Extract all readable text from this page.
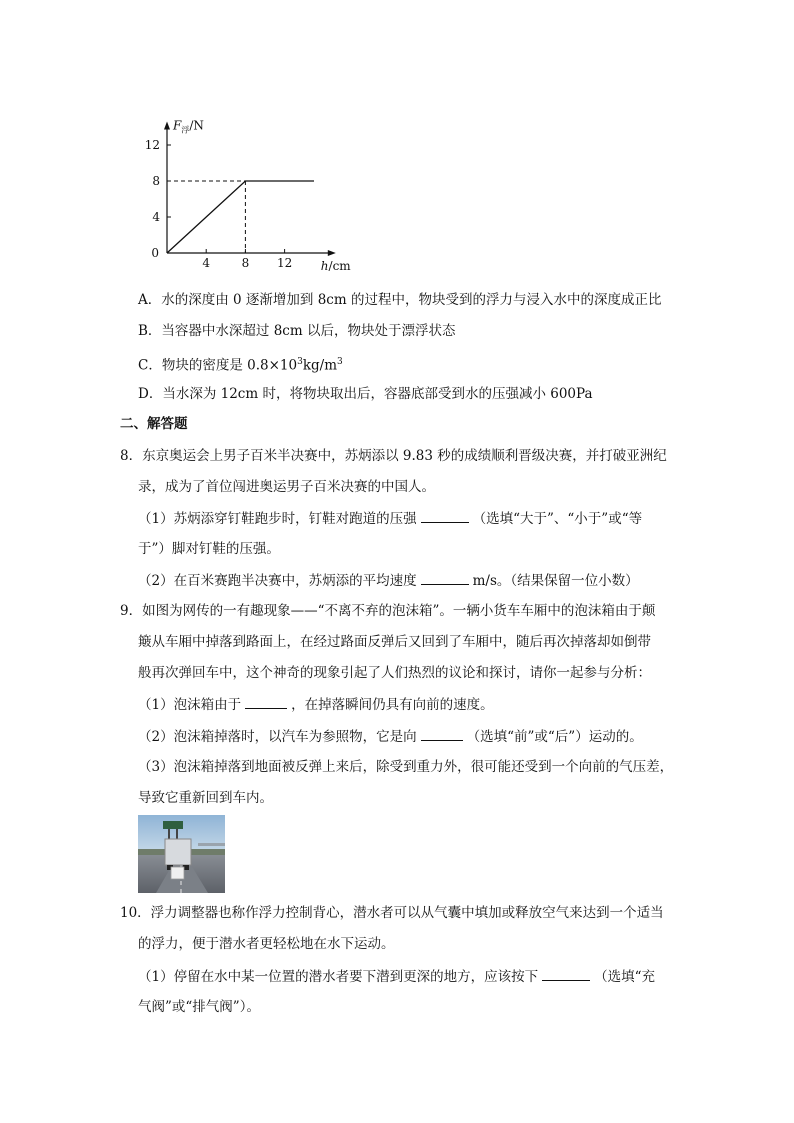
4	8 12
4
8
12
0
$F_浮/N$
h/cm
A．水的深度由 0 逐渐增加到 8cm 的过程中，物块受到的浮力与浸入水中的深度成正比
B．当容器中水深超过 8cm 以后，物块处于漂浮状态
C．物块的密度是 $0.8\times 10^3kg/m^3$
D．当水深为 12cm 时，将物块取出后，容器底部受到水的压强减小 600Pa
二、解答题
8．东京奥运会上男子百米半决赛中，苏炳添以 9.83 秒的成绩顺利晋级决赛，并打破亚洲纪
录，成为了首位闯进奥运男子百米决赛的中国人。
（1）苏炳添穿钉鞋跑步时，钉鞋对跑道的压强	（选填“大于”、“小于”或“等
于”）脚对钉鞋的压强。
（2）在百米赛跑半决赛中，苏炳添的平均速度	m/s。（结果保留一位小数）
9．如图为网传的一有趣现象——“不离不弃的泡沫箱”。一辆小货车车厢中的泡沫箱由于颠
簸从车厢中掉落到路面上，在经过路面反弹后又回到了车厢中，随后再次掉落却如倒带
般再次弹回车中，这个神奇的现象引起了人们热烈的议论和探讨，请你一起参与分析：
（1）泡沫箱由于	，在掉落瞬间仍具有向前的速度。
（2）泡沫箱掉落时，以汽车为参照物，它是向	（选填“前”或“后”）运动的。
（3）泡沫箱掉落到地面被反弹上来后，除受到重力外，很可能还受到一个向前的气压差，
导致它重新回到车内。
10．浮力调整器也称作浮力控制背心，潜水者可以从气囊中填加或释放空气来达到一个适当
的浮力，便于潜水者更轻松地在水下运动。
（1）停留在水中某一位置的潜水者要下潜到更深的地方，应该按下	（选填“充
气阀”或“排气阀”）。
